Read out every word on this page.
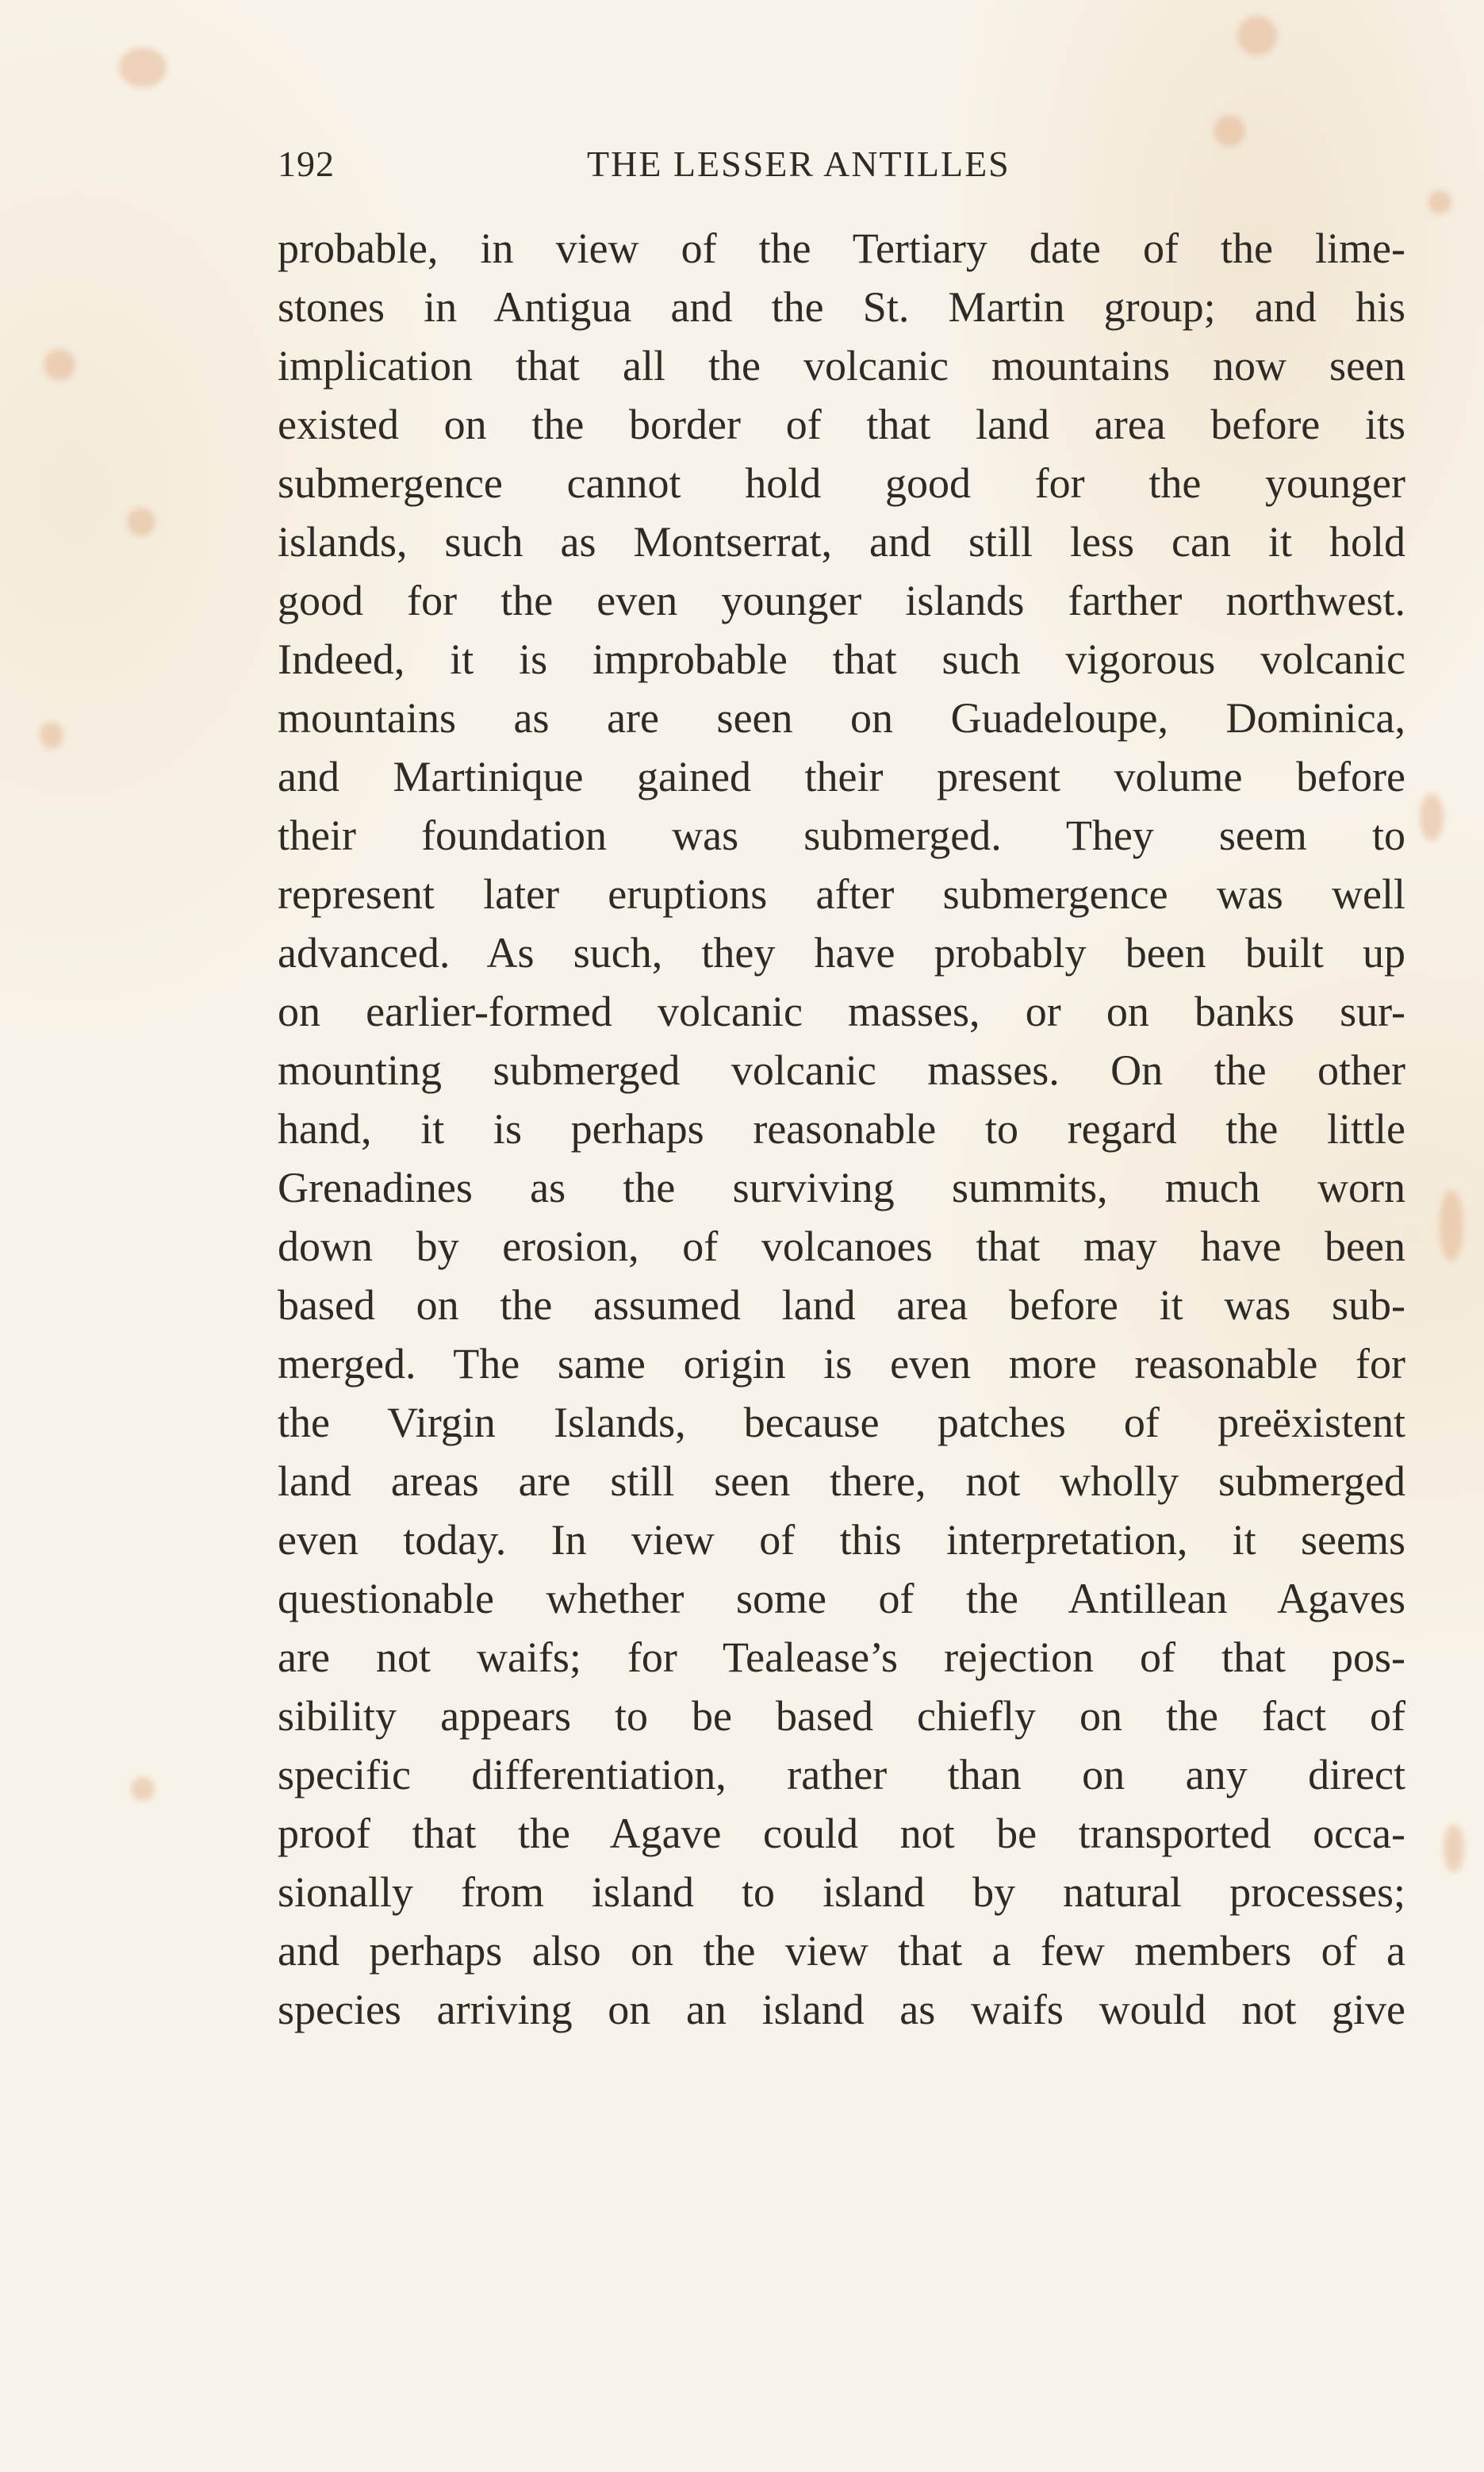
192	THE LESSER ANTILLES
probable, in view of the Tertiary date of the lime-
stones in Antigua and the St. Martin group; and his
implication that all the volcanic mountains now seen
existed on the border of that land area before its
submergence cannot hold good for the younger
islands, such as Montserrat, and still less can it hold
good for the even younger islands farther northwest.
Indeed, it is improbable that such vigorous volcanic
mountains as are seen on Guadeloupe, Dominica,
and Martinique gained their present volume before
their foundation was submerged. They seem to
represent later eruptions after submergence was well
advanced. As such, they have probably been built up
on earlier-formed volcanic masses, or on banks sur-
mounting submerged volcanic masses. On the other
hand, it is perhaps reasonable to regard the little
Grenadines as the surviving summits, much worn
down by erosion, of volcanoes that may have been
based on the assumed land area before it was sub-
merged. The same origin is even more reasonable for
the Virgin Islands, because patches of preëxistent
land areas are still seen there, not wholly submerged
even today. In view of this interpretation, it seems
questionable whether some of the Antillean Agaves
are not waifs; for Tealease’s rejection of that pos-
sibility appears to be based chiefly on the fact of
specific differentiation, rather than on any direct
proof that the Agave could not be transported occa-
sionally from island to island by natural processes;
and perhaps also on the view that a few members of a
species arriving on an island as waifs would not give
